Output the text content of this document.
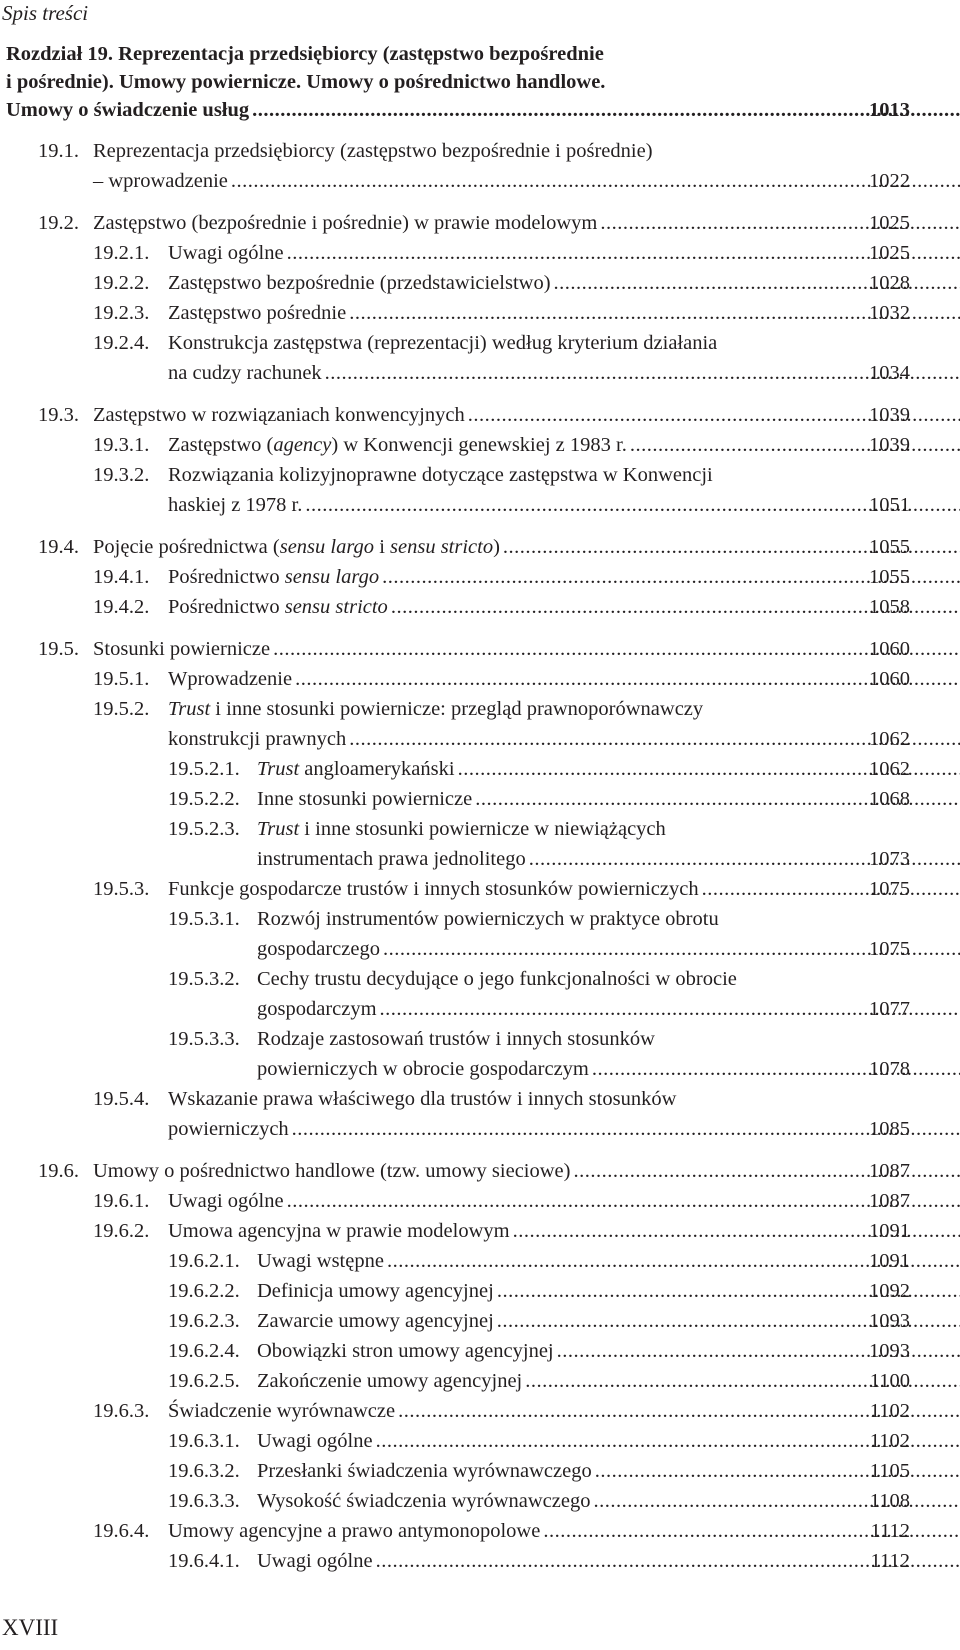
Spis treści
Rozdział 19. Reprezentacja przedsiębiorcy (zastępstwo bezpośrednie
i pośrednie). Umowy powiernicze. Umowy o pośrednictwo handlowe.
Umowy o świadczenie usług .....	1013
19.1. Reprezentacja przedsiębiorcy (zastępstwo bezpośrednie i pośrednie)
– wprowadzenie .....	1022
19.2. Zastępstwo (bezpośrednie i pośrednie) w prawie modelowym .....	1025
19.2.1. Uwagi ogólne .....	1025
19.2.2. Zastępstwo bezpośrednie (przedstawicielstwo) .....	1028
19.2.3. Zastępstwo pośrednie .....	1032
19.2.4. Konstrukcja zastępstwa (reprezentacji) według kryterium działania
na cudzy rachunek .....	1034
19.3. Zastępstwo w rozwiązaniach konwencyjnych .....	1039
19.3.1. Zastępstwo (agency) w Konwencji genewskiej z 1983 r. .....	1039
19.3.2. Rozwiązania kolizyjnoprawne dotyczące zastępstwa w Konwencji
haskiej z 1978 r. .....	1051
19.4. Pojęcie pośrednictwa (sensu largo i sensu stricto) .....	1055
19.4.1. Pośrednictwo sensu largo .....	1055
19.4.2. Pośrednictwo sensu stricto .....	1058
19.5. Stosunki powiernicze .....	1060
19.5.1. Wprowadzenie .....	1060
19.5.2. Trust i inne stosunki powiernicze: przegląd prawnoporównawczy
konstrukcji prawnych .....	1062
19.5.2.1. Trust angloamerykański .....	1062
19.5.2.2. Inne stosunki powiernicze .....	1068
19.5.2.3. Trust i inne stosunki powiernicze w niewiążących
instrumentach prawa jednolitego .....	1073
19.5.3. Funkcje gospodarcze trustów i innych stosunków powierniczych .....	1075
19.5.3.1. Rozwój instrumentów powierniczych w praktyce obrotu
gospodarczego .....	1075
19.5.3.2. Cechy trustu decydujące o jego funkcjonalności w obrocie
gospodarczym .....	1077
19.5.3.3. Rodzaje zastosowań trustów i innych stosunków
powierniczych w obrocie gospodarczym .....	1078
19.5.4. Wskazanie prawa właściwego dla trustów i innych stosunków
powierniczych .....	1085
19.6. Umowy o pośrednictwo handlowe (tzw. umowy sieciowe) .....	1087
19.6.1. Uwagi ogólne .....	1087
19.6.2. Umowa agencyjna w prawie modelowym .....	1091
19.6.2.1. Uwagi wstępne .....	1091
19.6.2.2. Definicja umowy agencyjnej .....	1092
19.6.2.3. Zawarcie umowy agencyjnej .....	1093
19.6.2.4. Obowiązki stron umowy agencyjnej .....	1093
19.6.2.5. Zakończenie umowy agencyjnej .....	1100
19.6.3. Świadczenie wyrównawcze .....	1102
19.6.3.1. Uwagi ogólne .....	1102
19.6.3.2. Przesłanki świadczenia wyrównawczego .....	1105
19.6.3.3. Wysokość świadczenia wyrównawczego .....	1108
19.6.4. Umowy agencyjne a prawo antymonopolowe .....	1112
19.6.4.1. Uwagi ogólne .....	1112
XVIII
